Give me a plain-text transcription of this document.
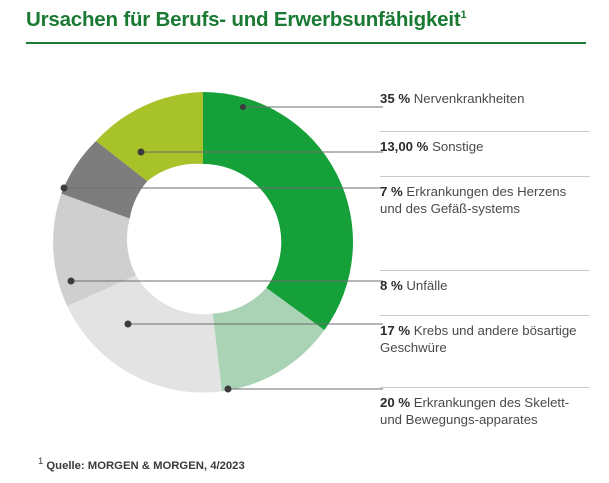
Ursachen für Berufs- und Erwerbsunfähigkeit$^1$
35 % Nervenkrankheiten
13,00 % Sonstige
7 % Erkrankungen des Herzens und des Gefäß-systems
8 % Unfälle
17 % Krebs und andere bösartige Geschwüre
20 % Erkrankungen des Skelett- und Bewegungs-apparates
$^1$ Quelle: MORGEN & MORGEN, 4/2023
